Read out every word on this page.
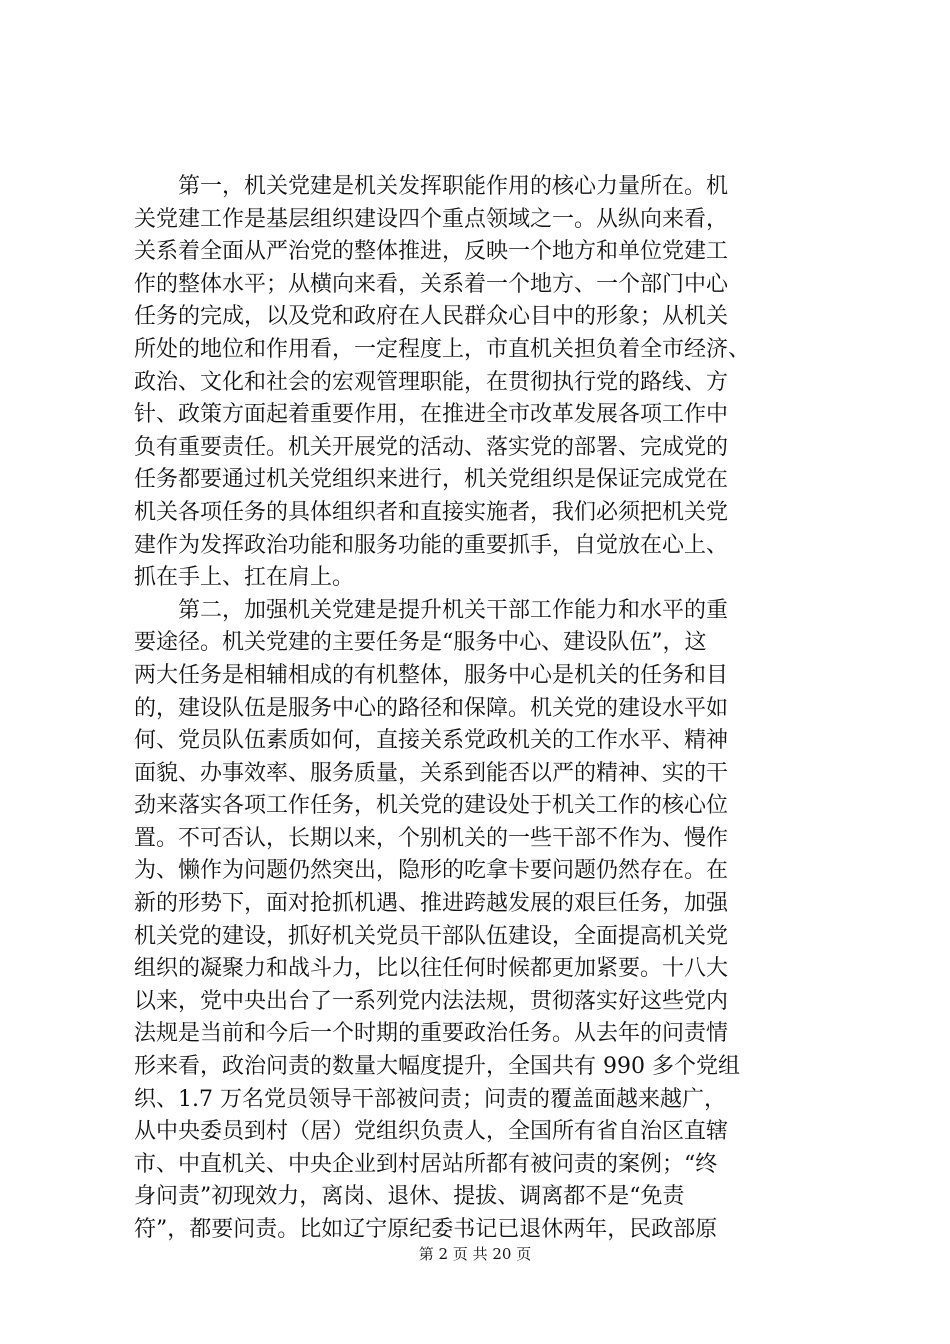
第一，机关党建是机关发挥职能作用的核心力量所在。机
关党建工作是基层组织建设四个重点领域之一。从纵向来看，
关系着全面从严治党的整体推进，反映一个地方和单位党建工
作的整体水平；从横向来看，关系着一个地方、一个部门中心
任务的完成，以及党和政府在人民群众心目中的形象；从机关
所处的地位和作用看，一定程度上，市直机关担负着全市经济、
政治、文化和社会的宏观管理职能，在贯彻执行党的路线、方
针、政策方面起着重要作用，在推进全市改革发展各项工作中
负有重要责任。机关开展党的活动、落实党的部署、完成党的
任务都要通过机关党组织来进行，机关党组织是保证完成党在
机关各项任务的具体组织者和直接实施者，我们必须把机关党
建作为发挥政治功能和服务功能的重要抓手，自觉放在心上、
抓在手上、扛在肩上。
第二，加强机关党建是提升机关干部工作能力和水平的重
要途径。机关党建的主要任务是“服务中心、建设队伍”，这
两大任务是相辅相成的有机整体，服务中心是机关的任务和目
的，建设队伍是服务中心的路径和保障。机关党的建设水平如
何、党员队伍素质如何，直接关系党政机关的工作水平、精神
面貌、办事效率、服务质量，关系到能否以严的精神、实的干
劲来落实各项工作任务，机关党的建设处于机关工作的核心位
置。不可否认，长期以来，个别机关的一些干部不作为、慢作
为、懒作为问题仍然突出，隐形的吃拿卡要问题仍然存在。在
新的形势下，面对抢抓机遇、推进跨越发展的艰巨任务，加强
机关党的建设，抓好机关党员干部队伍建设，全面提高机关党
组织的凝聚力和战斗力，比以往任何时候都更加紧要。十八大
以来，党中央出台了一系列党内法法规，贯彻落实好这些党内
法规是当前和今后一个时期的重要政治任务。从去年的问责情
形来看，政治问责的数量大幅度提升，全国共有 990 多个党组
织、1.7 万名党员领导干部被问责；问责的覆盖面越来越广，
从中央委员到村（居）党组织负责人，全国所有省自治区直辖
市、中直机关、中央企业到村居站所都有被问责的案例；“终
身问责”初现效力，离岗、退休、提拔、调离都不是“免责
符”，都要问责。比如辽宁原纪委书记已退休两年，民政部原
第 2 页 共 20 页
